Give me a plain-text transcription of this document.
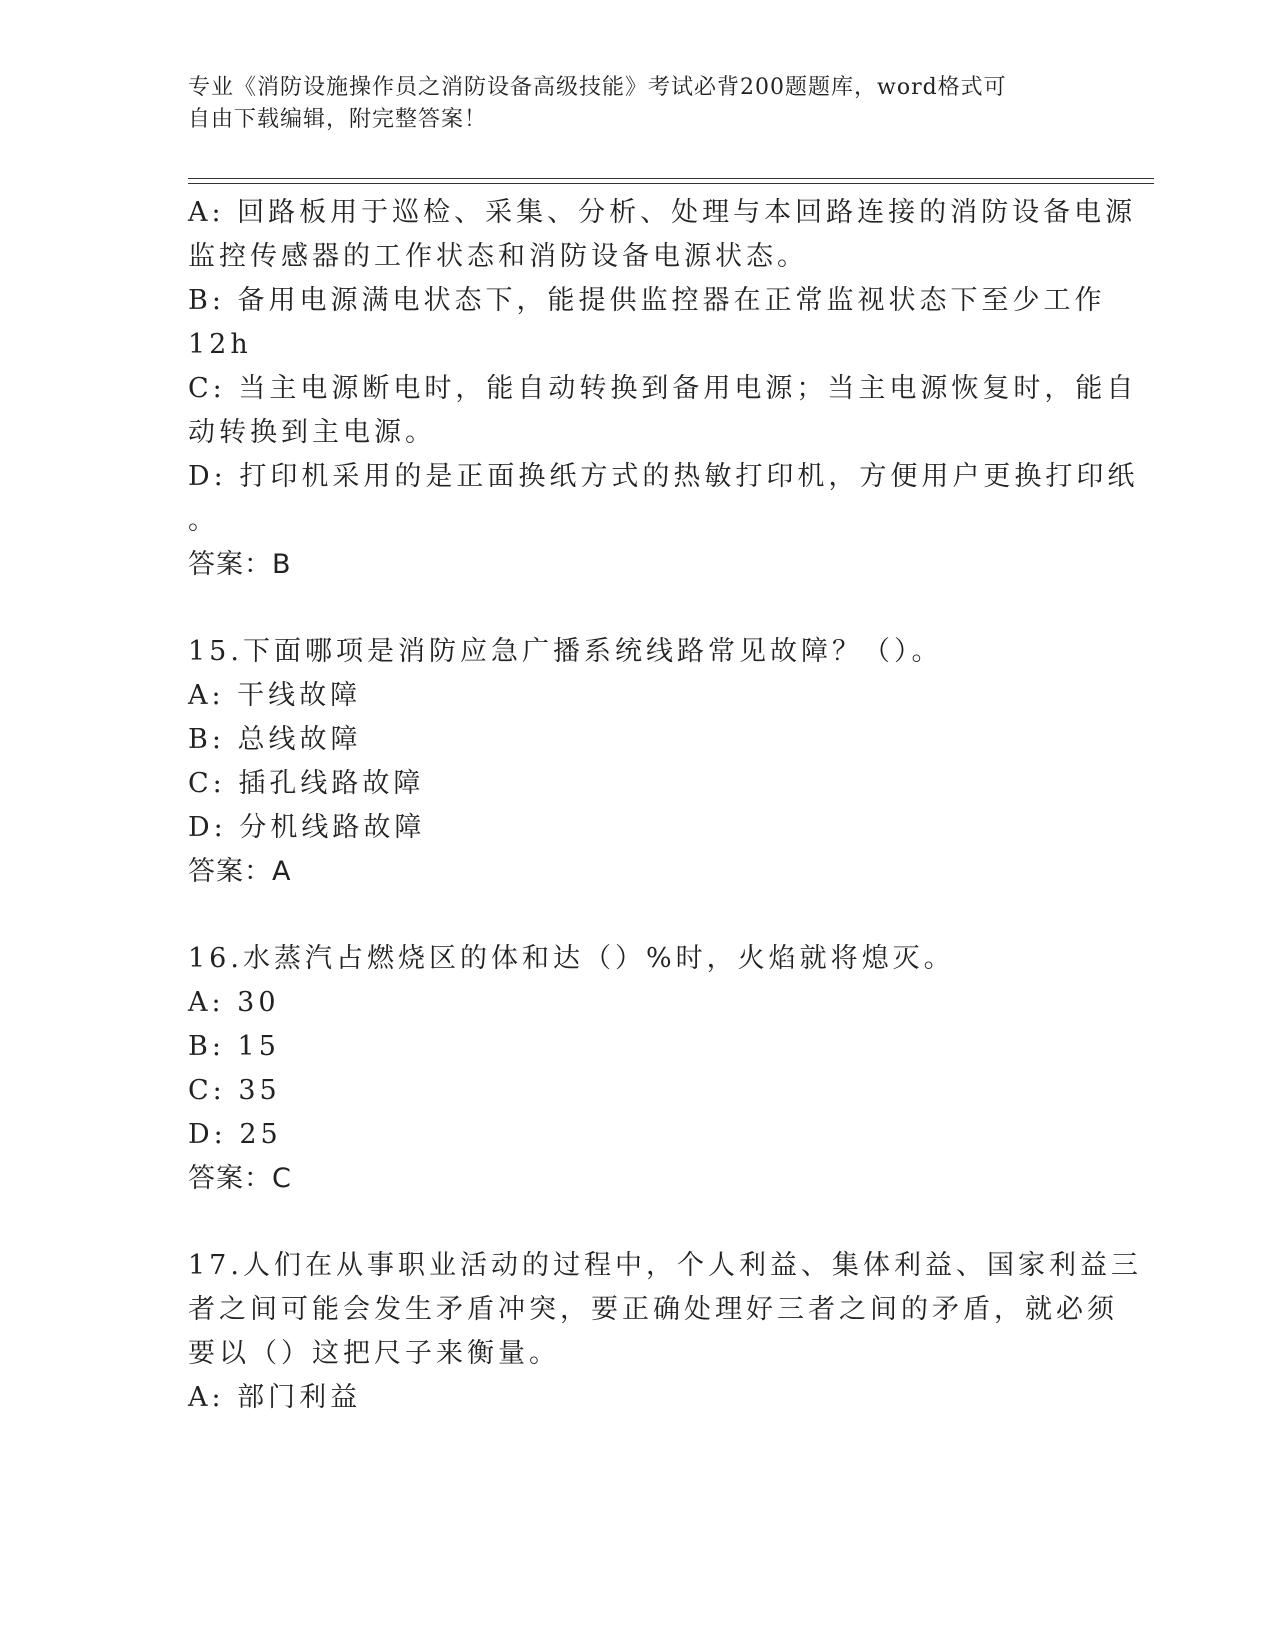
专业《消防设施操作员之消防设备高级技能》考试必背200题题库，word格式可
自由下载编辑，附完整答案！
A: 回路板用于巡检、采集、分析、处理与本回路连接的消防设备电源
监控传感器的工作状态和消防设备电源状态。
B: 备用电源满电状态下，能提供监控器在正常监视状态下至少工作
12h
C: 当主电源断电时，能自动转换到备用电源；当主电源恢复时，能自
动转换到主电源。
D: 打印机采用的是正面换纸方式的热敏打印机，方便用户更换打印纸
。
答案：B
15.下面哪项是消防应急广播系统线路常见故障？（）。
A: 干线故障
B: 总线故障
C: 插孔线路故障
D: 分机线路故障
答案：A
16.水蒸汽占燃烧区的体和达（）%时，火焰就将熄灭。
A: 30
B: 15
C: 35
D: 25
答案：C
17.人们在从事职业活动的过程中，个人利益、集体利益、国家利益三
者之间可能会发生矛盾冲突，要正确处理好三者之间的矛盾，就必须
要以（）这把尺子来衡量。
A: 部门利益
